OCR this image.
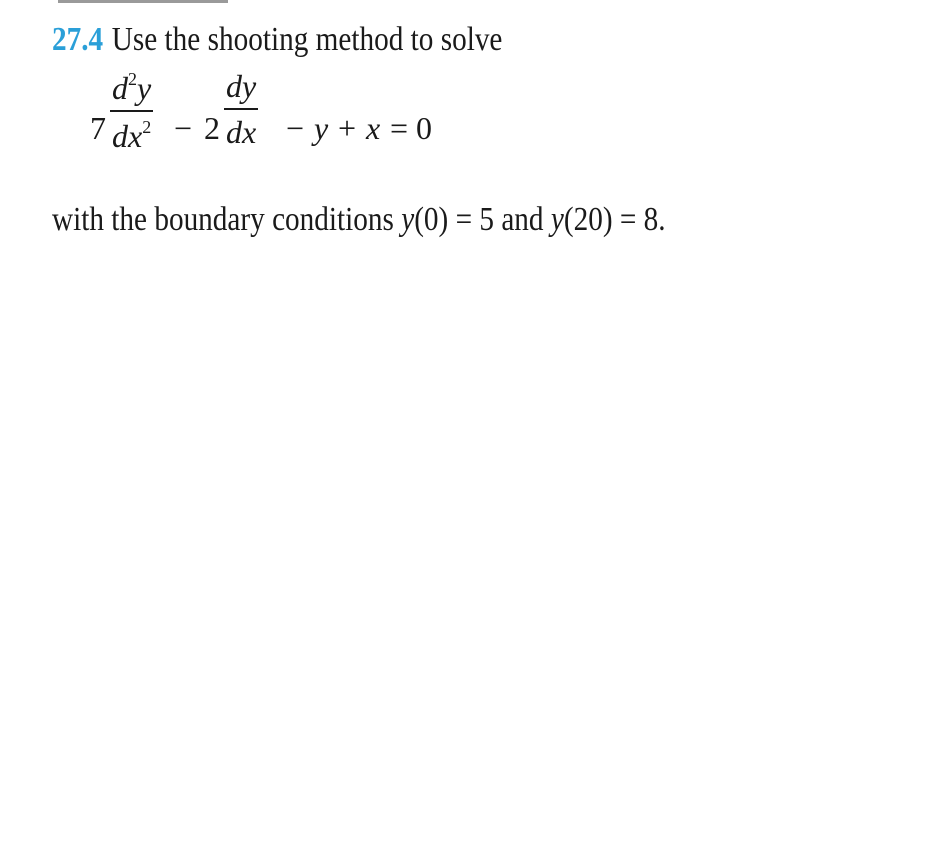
27.4 Use the shooting method to solve
7
$d^2y$
$dx^2 - 2$
dy
dx − y + x = 0
with the boundary conditions y(0) = 5 and y(20) = 8.
